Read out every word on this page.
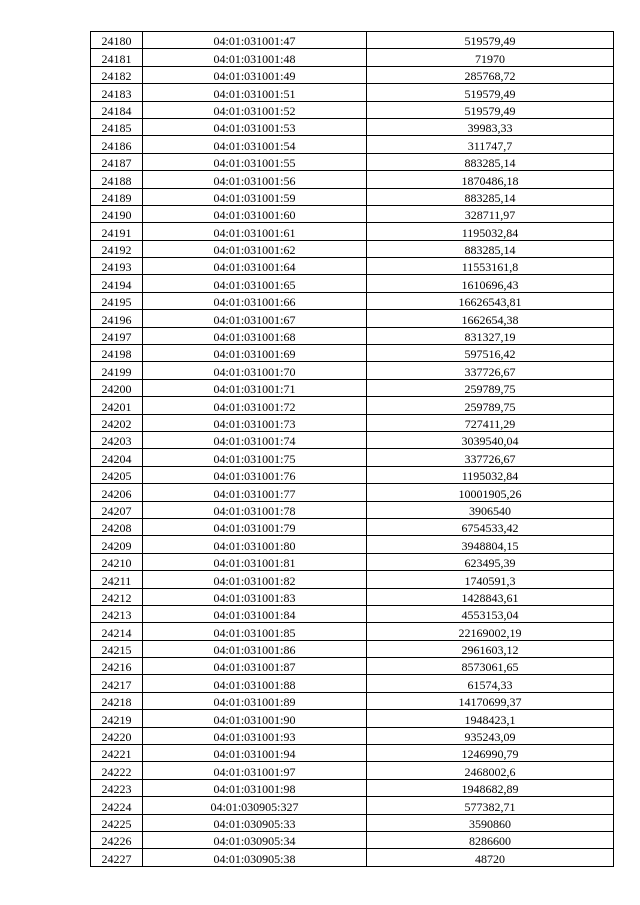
24180	04:01:031001:47	519579,49
24181	04:01:031001:48	71970
24182	04:01:031001:49	285768,72
24183	04:01:031001:51	519579,49
24184	04:01:031001:52	519579,49
24185	04:01:031001:53	39983,33
24186	04:01:031001:54	311747,7
24187	04:01:031001:55	883285,14
24188	04:01:031001:56	1870486,18
24189	04:01:031001:59	883285,14
24190	04:01:031001:60	328711,97
24191	04:01:031001:61	1195032,84
24192	04:01:031001:62	883285,14
24193	04:01:031001:64	11553161,8
24194	04:01:031001:65	1610696,43
24195	04:01:031001:66	16626543,81
24196	04:01:031001:67	1662654,38
24197	04:01:031001:68	831327,19
24198	04:01:031001:69	597516,42
24199	04:01:031001:70	337726,67
24200	04:01:031001:71	259789,75
24201	04:01:031001:72	259789,75
24202	04:01:031001:73	727411,29
24203	04:01:031001:74	3039540,04
24204	04:01:031001:75	337726,67
24205	04:01:031001:76	1195032,84
24206	04:01:031001:77	10001905,26
24207	04:01:031001:78	3906540
24208	04:01:031001:79	6754533,42
24209	04:01:031001:80	3948804,15
24210	04:01:031001:81	623495,39
24211	04:01:031001:82	1740591,3
24212	04:01:031001:83	1428843,61
24213	04:01:031001:84	4553153,04
24214	04:01:031001:85	22169002,19
24215	04:01:031001:86	2961603,12
24216	04:01:031001:87	8573061,65
24217	04:01:031001:88	61574,33
24218	04:01:031001:89	14170699,37
24219	04:01:031001:90	1948423,1
24220	04:01:031001:93	935243,09
24221	04:01:031001:94	1246990,79
24222	04:01:031001:97	2468002,6
24223	04:01:031001:98	1948682,89
24224	04:01:030905:327	577382,71
24225	04:01:030905:33	3590860
24226	04:01:030905:34	8286600
24227	04:01:030905:38	48720
